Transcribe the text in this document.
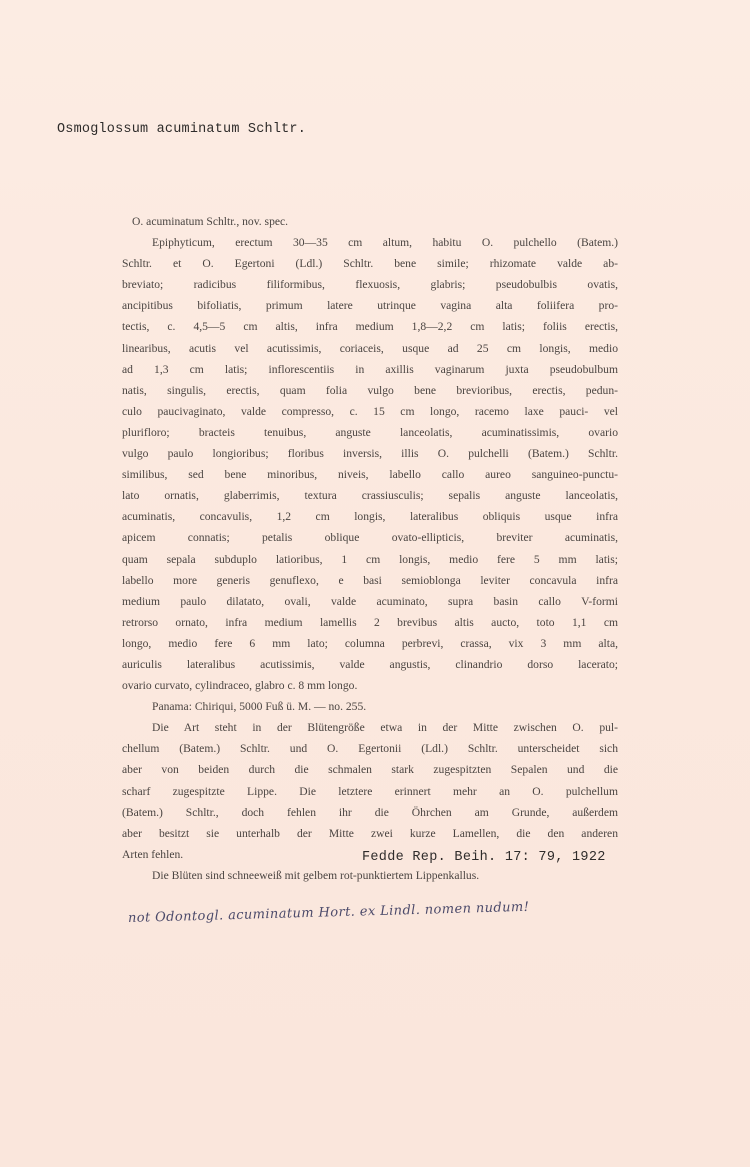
Osmoglossum acuminatum Schltr.
O. acuminatum Schltr., nov. spec.
Epiphyticum, erectum 30—35 cm altum, habitu O. pulchello (Batem.)
Schltr. et O. Egertoni (Ldl.) Schltr. bene simile; rhizomate valde ab-
breviato; radicibus filiformibus, flexuosis, glabris; pseudobulbis ovatis,
ancipitibus bifoliatis, primum latere utrinque vagina alta foliifera pro-
tectis, c. 4,5—5 cm altis, infra medium 1,8—2,2 cm latis; foliis erectis,
linearibus, acutis vel acutissimis, coriaceis, usque ad 25 cm longis, medio
ad 1,3 cm latis; inflorescentiis in axillis vaginarum juxta pseudobulbum
natis, singulis, erectis, quam folia vulgo bene brevioribus, erectis, pedun-
culo paucivaginato, valde compresso, c. 15 cm longo, racemo laxe pauci- vel
plurifloro; bracteis tenuibus, anguste lanceolatis, acuminatissimis, ovario
vulgo paulo longioribus; floribus inversis, illis O. pulchelli (Batem.) Schltr.
similibus, sed bene minoribus, niveis, labello callo aureo sanguineo-punctu-
lato ornatis, glaberrimis, textura crassiusculis; sepalis anguste lanceolatis,
acuminatis, concavulis, 1,2 cm longis, lateralibus obliquis usque infra
apicem connatis; petalis oblique ovato-ellipticis, breviter acuminatis,
quam sepala subduplo latioribus, 1 cm longis, medio fere 5 mm latis;
labello more generis genuflexo, e basi semioblonga leviter concavula infra
medium paulo dilatato, ovali, valde acuminato, supra basin callo V-formi
retrorso ornato, infra medium lamellis 2 brevibus altis aucto, toto 1,1 cm
longo, medio fere 6 mm lato; columna perbrevi, crassa, vix 3 mm alta,
auriculis lateralibus acutissimis, valde angustis, clinandrio dorso lacerato;
ovario curvato, cylindraceo, glabro c. 8 mm longo.
Panama: Chiriqui, 5000 Fuß ü. M. — no. 255.
Die Art steht in der Blütengröße etwa in der Mitte zwischen O. pul-
chellum (Batem.) Schltr. und O. Egertonii (Ldl.) Schltr. unterscheidet sich
aber von beiden durch die schmalen stark zugespitzten Sepalen und die
scharf zugespitzte Lippe. Die letztere erinnert mehr an O. pulchellum
(Batem.) Schltr., doch fehlen ihr die Öhrchen am Grunde, außerdem
aber besitzt sie unterhalb der Mitte zwei kurze Lamellen, die den anderen
Arten fehlen.
Die Blüten sind schneeweiß mit gelbem rot-punktiertem Lippenkallus.
Fedde Rep. Beih. 17: 79, 1922
not Odontogl. acuminatum Hort. ex Lindl. nomen nudum!
